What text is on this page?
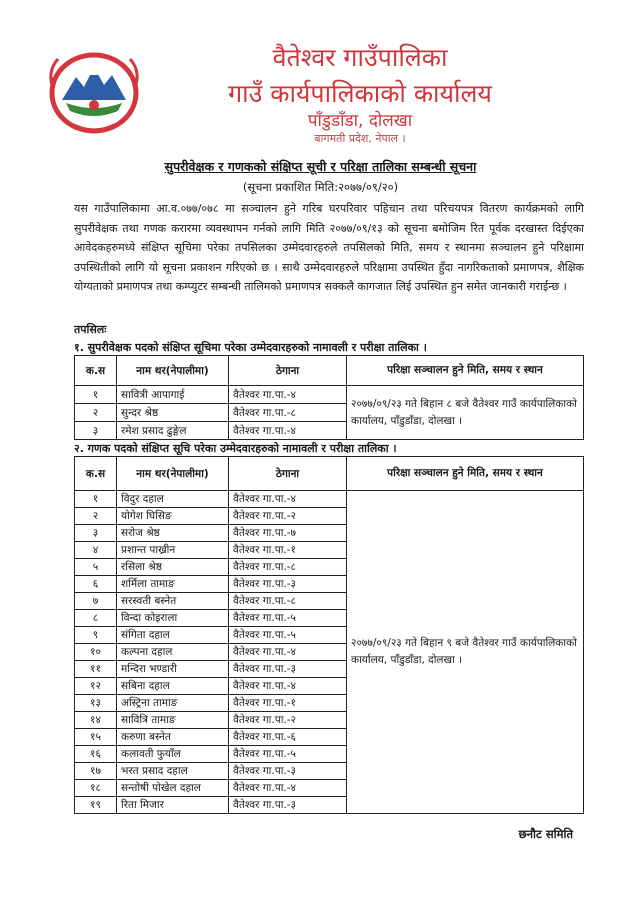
वैतेश्वर गाउँपालिका
गाउँ कार्यपालिकाको कार्यालय
पाँडुडाँडा, दोलखा
बागमती प्रदेश, नेपाल ।
सुपरीवेक्षक र गणकको संक्षिप्त सूची र परिक्षा तालिका सम्बन्धी सूचना
(सूचना प्रकाशित मिति:२०७७/०९/२०)
यस गाउँपालिकामा आ.व.०७७/०७८ मा सञ्चालन हुने गरिब घरपरिवार पहिचान तथा परिचयपत्र वितरण कार्यक्रमको लागि सुपरीवेक्षक तथा गणक करारमा व्यवस्थापन गर्नको लागि मिति २०७७/०९/१३ को सूचना बमोजिम रित पूर्वक दरखास्त दिईएका आवेदकहरुमध्ये संक्षिप्त सूचिमा परेका तपसिलका उम्मेदवारहरुले तपसिलको मिति, समय र स्थानमा सञ्चालन हुने परिक्षामा उपस्थितीको लागि यो सूचना प्रकाशन गरिएको छ । साथै उम्मेदवारहरुले परिक्षामा उपस्थित हुँदा नागरिकताको प्रमाणपत्र, शैक्षिक योग्यताको प्रमाणपत्र तथा कम्प्युटर सम्बन्धी तालिमको प्रमाणपत्र सक्कलै कागजात लिई उपस्थित हुन समेत जानकारी गराईन्छ ।
तपसिलः
१. सुपरीवेक्षक पदको संक्षिप्त सूचिमा परेका उम्मेदवारहरुको नामावली र परीक्षा तालिका ।
क.स	नाम थर(नेपालीमा)	ठेगाना	परिक्षा सञ्चालन हुने मिति, समय र स्थान
१	सावित्री आपागाई	वैतेश्वर गा.पा.-४	२०७७/०९/२३ गते बिहान ८ बजे वैतेश्वर गाउँ कार्यपालिकाको कार्यालय, पाँडुडाँडा, दोलखा ।
२	सुन्दर श्रेष्ठ	वैतेश्वर गा.पा.-८	
३	रमेश प्रसाद ढुङ्गेल	वैतेश्वर गा.पा.-४	
२. गणक पदको संक्षिप्त सूचि परेका उम्मेदवारहरुको नामावली र परीक्षा तालिका ।
क.स	नाम थर(नेपालीमा)	ठेगाना	परिक्षा सञ्चालन हुने मिति, समय र स्थान
१	विदुर दहाल	वैतेश्वर गा.पा.-४	२०७७/०९/२३ गते बिहान ९ बजे वैतेश्वर गाउँ कार्यपालिकाको कार्यालय, पाँडुडाँडा, दोलखा ।
२	योगेश घिसिङ	वैतेश्वर गा.पा.-२	
३	सरोज श्रेष्ठ	वैतेश्वर गा.पा.-७	
४	प्रशान्त पाख्रीन	वैतेश्वर गा.पा.-१	
५	रसिला श्रेष्ठ	वैतेश्वर गा.पा.-८	
६	शर्मिला तामाङ	वैतेश्वर गा.पा.-३	
७	सरस्वती बस्नेत	वैतेश्वर गा.पा.-८	
८	विन्दा कोइराला	वैतेश्वर गा.पा.-५	
९	संगिता दहाल	वैतेश्वर गा.पा.-५	
१०	कल्पना दहाल	वैतेश्वर गा.पा.-४	
११	मन्दिरा भण्डारी	वैतेश्वर गा.पा.-३	
१२	सबिना दहाल	वैतेश्वर गा.पा.-४	
१३	अस्ट्रिना तामाङ	वैतेश्वर गा.पा.-१	
१४	सावित्रि तामाङ	वैतेश्वर गा.पा.-२	
१५	करुणा बस्नेत	वैतेश्वर गा.पा.-६	
१६	कलावती फुयाँल	वैतेश्वर गा.पा.-५	
१७	भरत प्रसाद दहाल	वैतेश्वर गा.पा.-३	
१८	सन्तोषी पोखेल दहाल	वैतेश्वर गा.पा.-४	
१९	रिता मिजार	वैतेश्वर गा.पा.-३	
छनौट समिति
